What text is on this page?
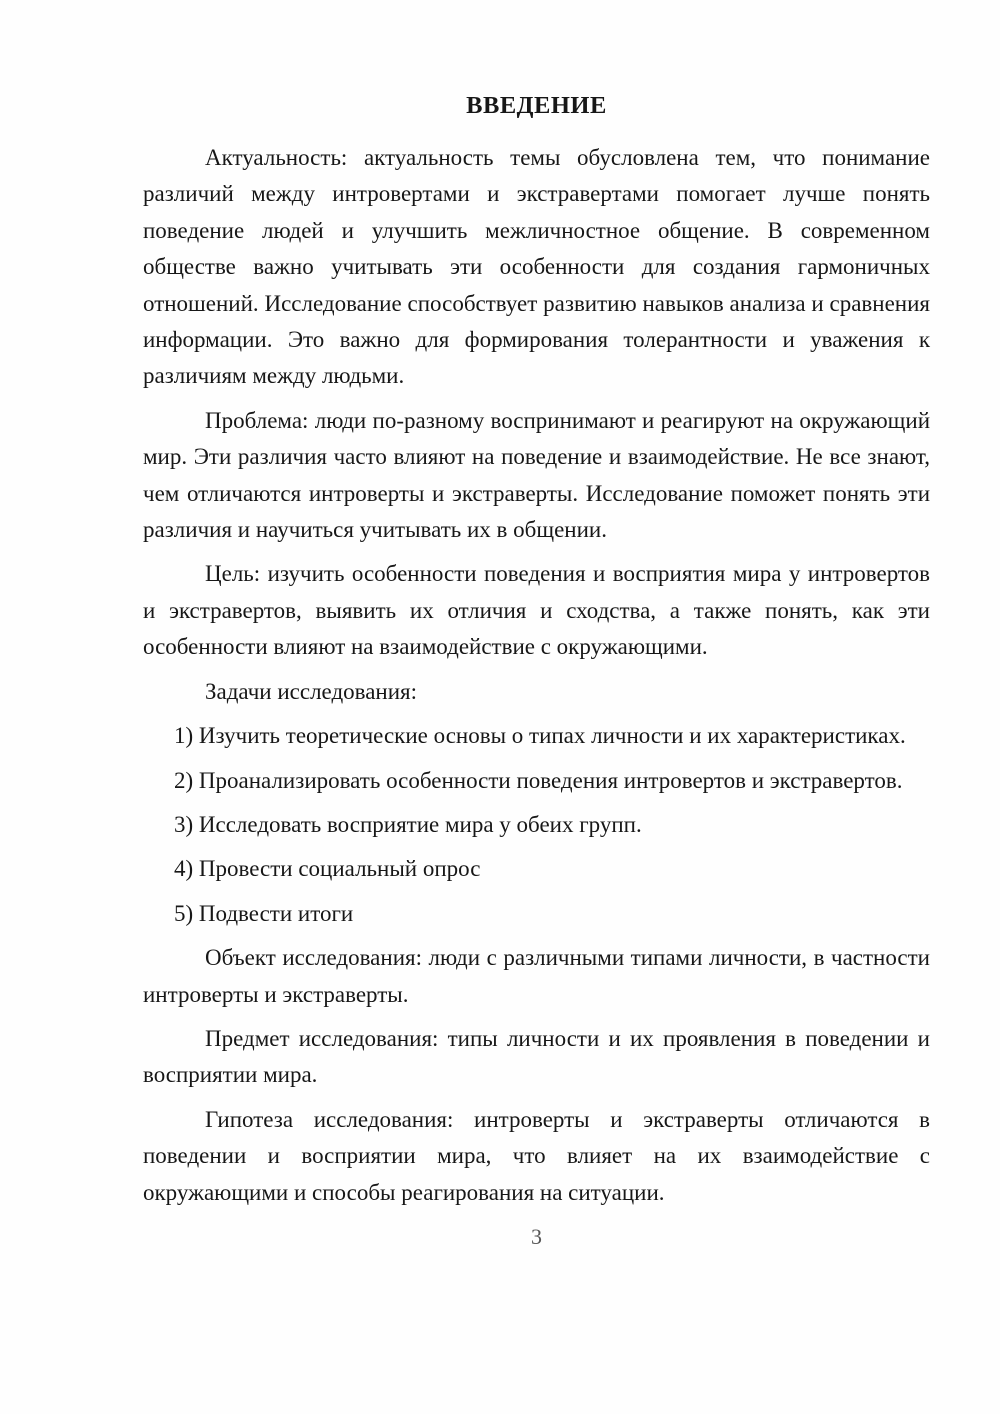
ВВЕДЕНИЕ

Актуальность: актуальность темы обусловлена тем, что понимание различий между интровертами и экстравертами помогает лучше понять поведение людей и улучшить межличностное общение. В современном обществе важно учитывать эти особенности для создания гармоничных отношений. Исследование способствует развитию навыков анализа и сравнения информации. Это важно для формирования толерантности и уважения к различиям между людьми.

Проблема: люди по-разному воспринимают и реагируют на окружающий мир. Эти различия часто влияют на поведение и взаимодействие. Не все знают, чем отличаются интроверты и экстраверты. Исследование поможет понять эти различия и научиться учитывать их в общении.

Цель: изучить особенности поведения и восприятия мира у интровертов и экстравертов, выявить их отличия и сходства, а также понять, как эти особенности влияют на взаимодействие с окружающими.

Задачи исследования:

1) Изучить теоретические основы о типах личности и их характеристиках.

2) Проанализировать особенности поведения интровертов и экстравертов.

3) Исследовать восприятие мира у обеих групп.

4) Провести социальный опрос

5) Подвести итоги

Объект исследования: люди с различными типами личности, в частности интроверты и экстраверты.

Предмет исследования: типы личности и их проявления в поведении и восприятии мира.

Гипотеза исследования: интроверты и экстраверты отличаются в поведении и восприятии мира, что влияет на их взаимодействие с окружающими и способы реагирования на ситуации.

3
